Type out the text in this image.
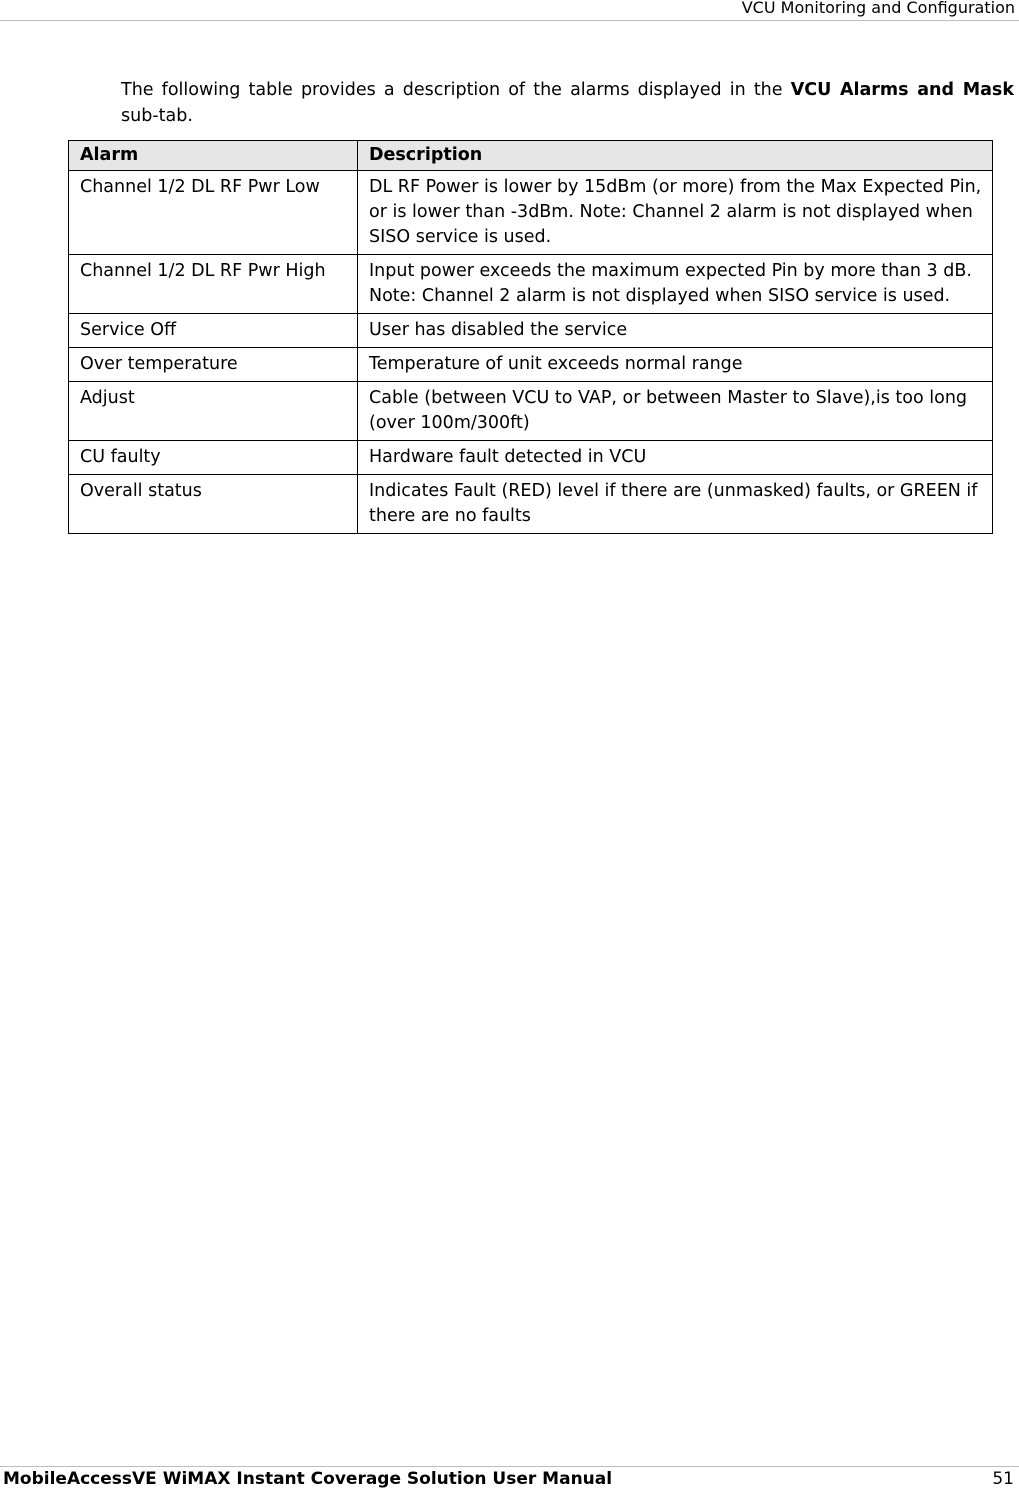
VCU Monitoring and Configuration

The following table provides a description of the alarms displayed in the VCU Alarms and Mask sub-tab.

Alarm	Description
Channel 1/2 DL RF Pwr Low	DL RF Power is lower by 15dBm (or more) from the Max Expected Pin, or is lower than -3dBm. Note: Channel 2 alarm is not displayed when SISO service is used.
Channel 1/2 DL RF Pwr High	Input power exceeds the maximum expected Pin by more than 3 dB. Note: Channel 2 alarm is not displayed when SISO service is used.
Service Off	User has disabled the service
Over temperature	Temperature of unit exceeds normal range
Adjust	Cable (between VCU to VAP, or between Master to Slave),is too long (over 100m/300ft)
CU faulty	Hardware fault detected in VCU
Overall status	Indicates Fault (RED) level if there are (unmasked) faults, or GREEN if there are no faults
MobileAccessVE WiMAX Instant Coverage Solution User Manual	51
